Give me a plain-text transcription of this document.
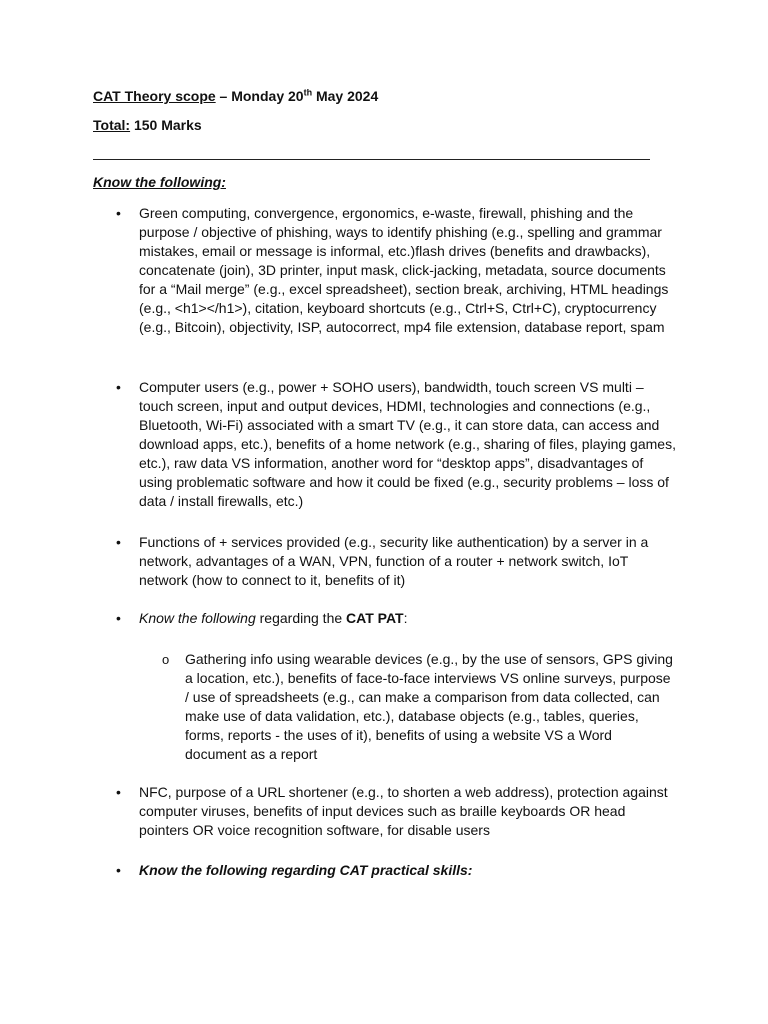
CAT Theory scope – Monday 20th May 2024
Total: 150 Marks
Know the following:
• Green computing, convergence, ergonomics, e-waste, firewall, phishing and the purpose / objective of phishing, ways to identify phishing (e.g., spelling and grammar mistakes, email or message is informal, etc.)flash drives (benefits and drawbacks), concatenate (join), 3D printer, input mask, click-jacking, metadata, source documents for a “Mail merge” (e.g., excel spreadsheet), section break, archiving, HTML headings (e.g., <h1></h1>), citation, keyboard shortcuts (e.g., Ctrl+S, Ctrl+C), cryptocurrency (e.g., Bitcoin), objectivity, ISP, autocorrect, mp4 file extension, database report, spam
• Computer users (e.g., power + SOHO users), bandwidth, touch screen VS multi – touch screen, input and output devices, HDMI, technologies and connections (e.g., Bluetooth, Wi-Fi) associated with a smart TV (e.g., it can store data, can access and download apps, etc.), benefits of a home network (e.g., sharing of files, playing games, etc.), raw data VS information, another word for “desktop apps”, disadvantages of using problematic software and how it could be fixed (e.g., security problems – loss of data / install firewalls, etc.)
• Functions of + services provided (e.g., security like authentication) by a server in a network, advantages of a WAN, VPN, function of a router + network switch, IoT network (how to connect to it, benefits of it)
• Know the following regarding the CAT PAT:
o Gathering info using wearable devices (e.g., by the use of sensors, GPS giving a location, etc.), benefits of face-to-face interviews VS online surveys, purpose / use of spreadsheets (e.g., can make a comparison from data collected, can make use of data validation, etc.), database objects (e.g., tables, queries, forms, reports - the uses of it), benefits of using a website VS a Word document as a report
• NFC, purpose of a URL shortener (e.g., to shorten a web address), protection against computer viruses, benefits of input devices such as braille keyboards OR head pointers OR voice recognition software, for disable users
• Know the following regarding CAT practical skills:
